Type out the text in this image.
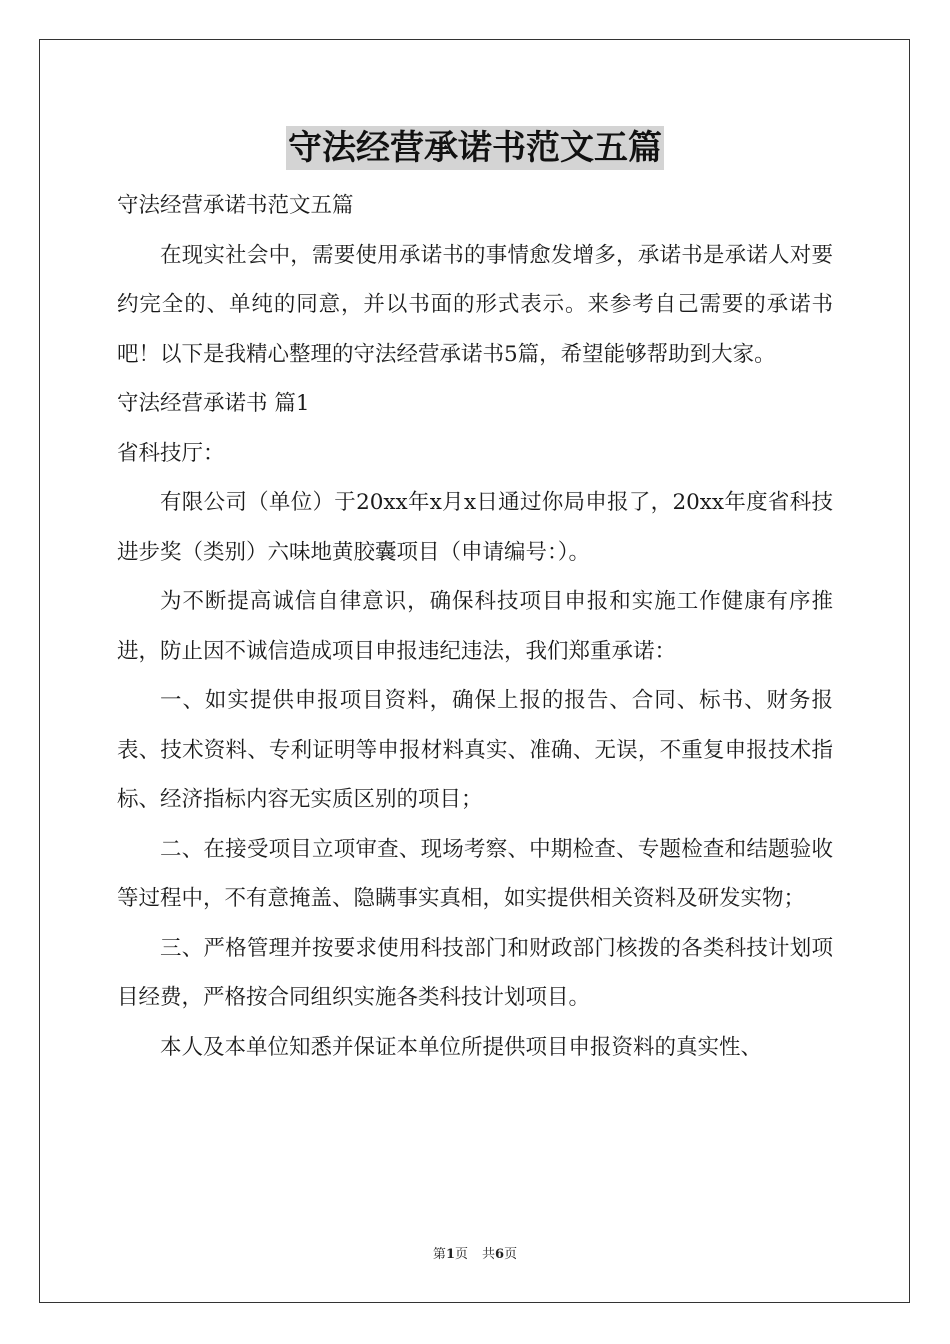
守法经营承诺书范文五篇

守法经营承诺书范文五篇

在现实社会中，需要使用承诺书的事情愈发增多，承诺书是承诺人对要约完全的、单纯的同意，并以书面的形式表示。来参考自己需要的承诺书吧！以下是我精心整理的守法经营承诺书5篇，希望能够帮助到大家。

守法经营承诺书 篇1

省科技厅：

有限公司（单位）于20xx年x月x日通过你局申报了，20xx年度省科技进步奖（类别）六味地黄胶囊项目（申请编号：）。

为不断提高诚信自律意识，确保科技项目申报和实施工作健康有序推进，防止因不诚信造成项目申报违纪违法，我们郑重承诺：

一、如实提供申报项目资料，确保上报的报告、合同、标书、财务报表、技术资料、专利证明等申报材料真实、准确、无误，不重复申报技术指标、经济指标内容无实质区别的项目；

二、在接受项目立项审查、现场考察、中期检查、专题检查和结题验收等过程中，不有意掩盖、隐瞒事实真相，如实提供相关资料及研发实物；

三、严格管理并按要求使用科技部门和财政部门核拨的各类科技计划项目经费，严格按合同组织实施各类科技计划项目。

本人及本单位知悉并保证本单位所提供项目申报资料的真实性、

第1页 共6页
